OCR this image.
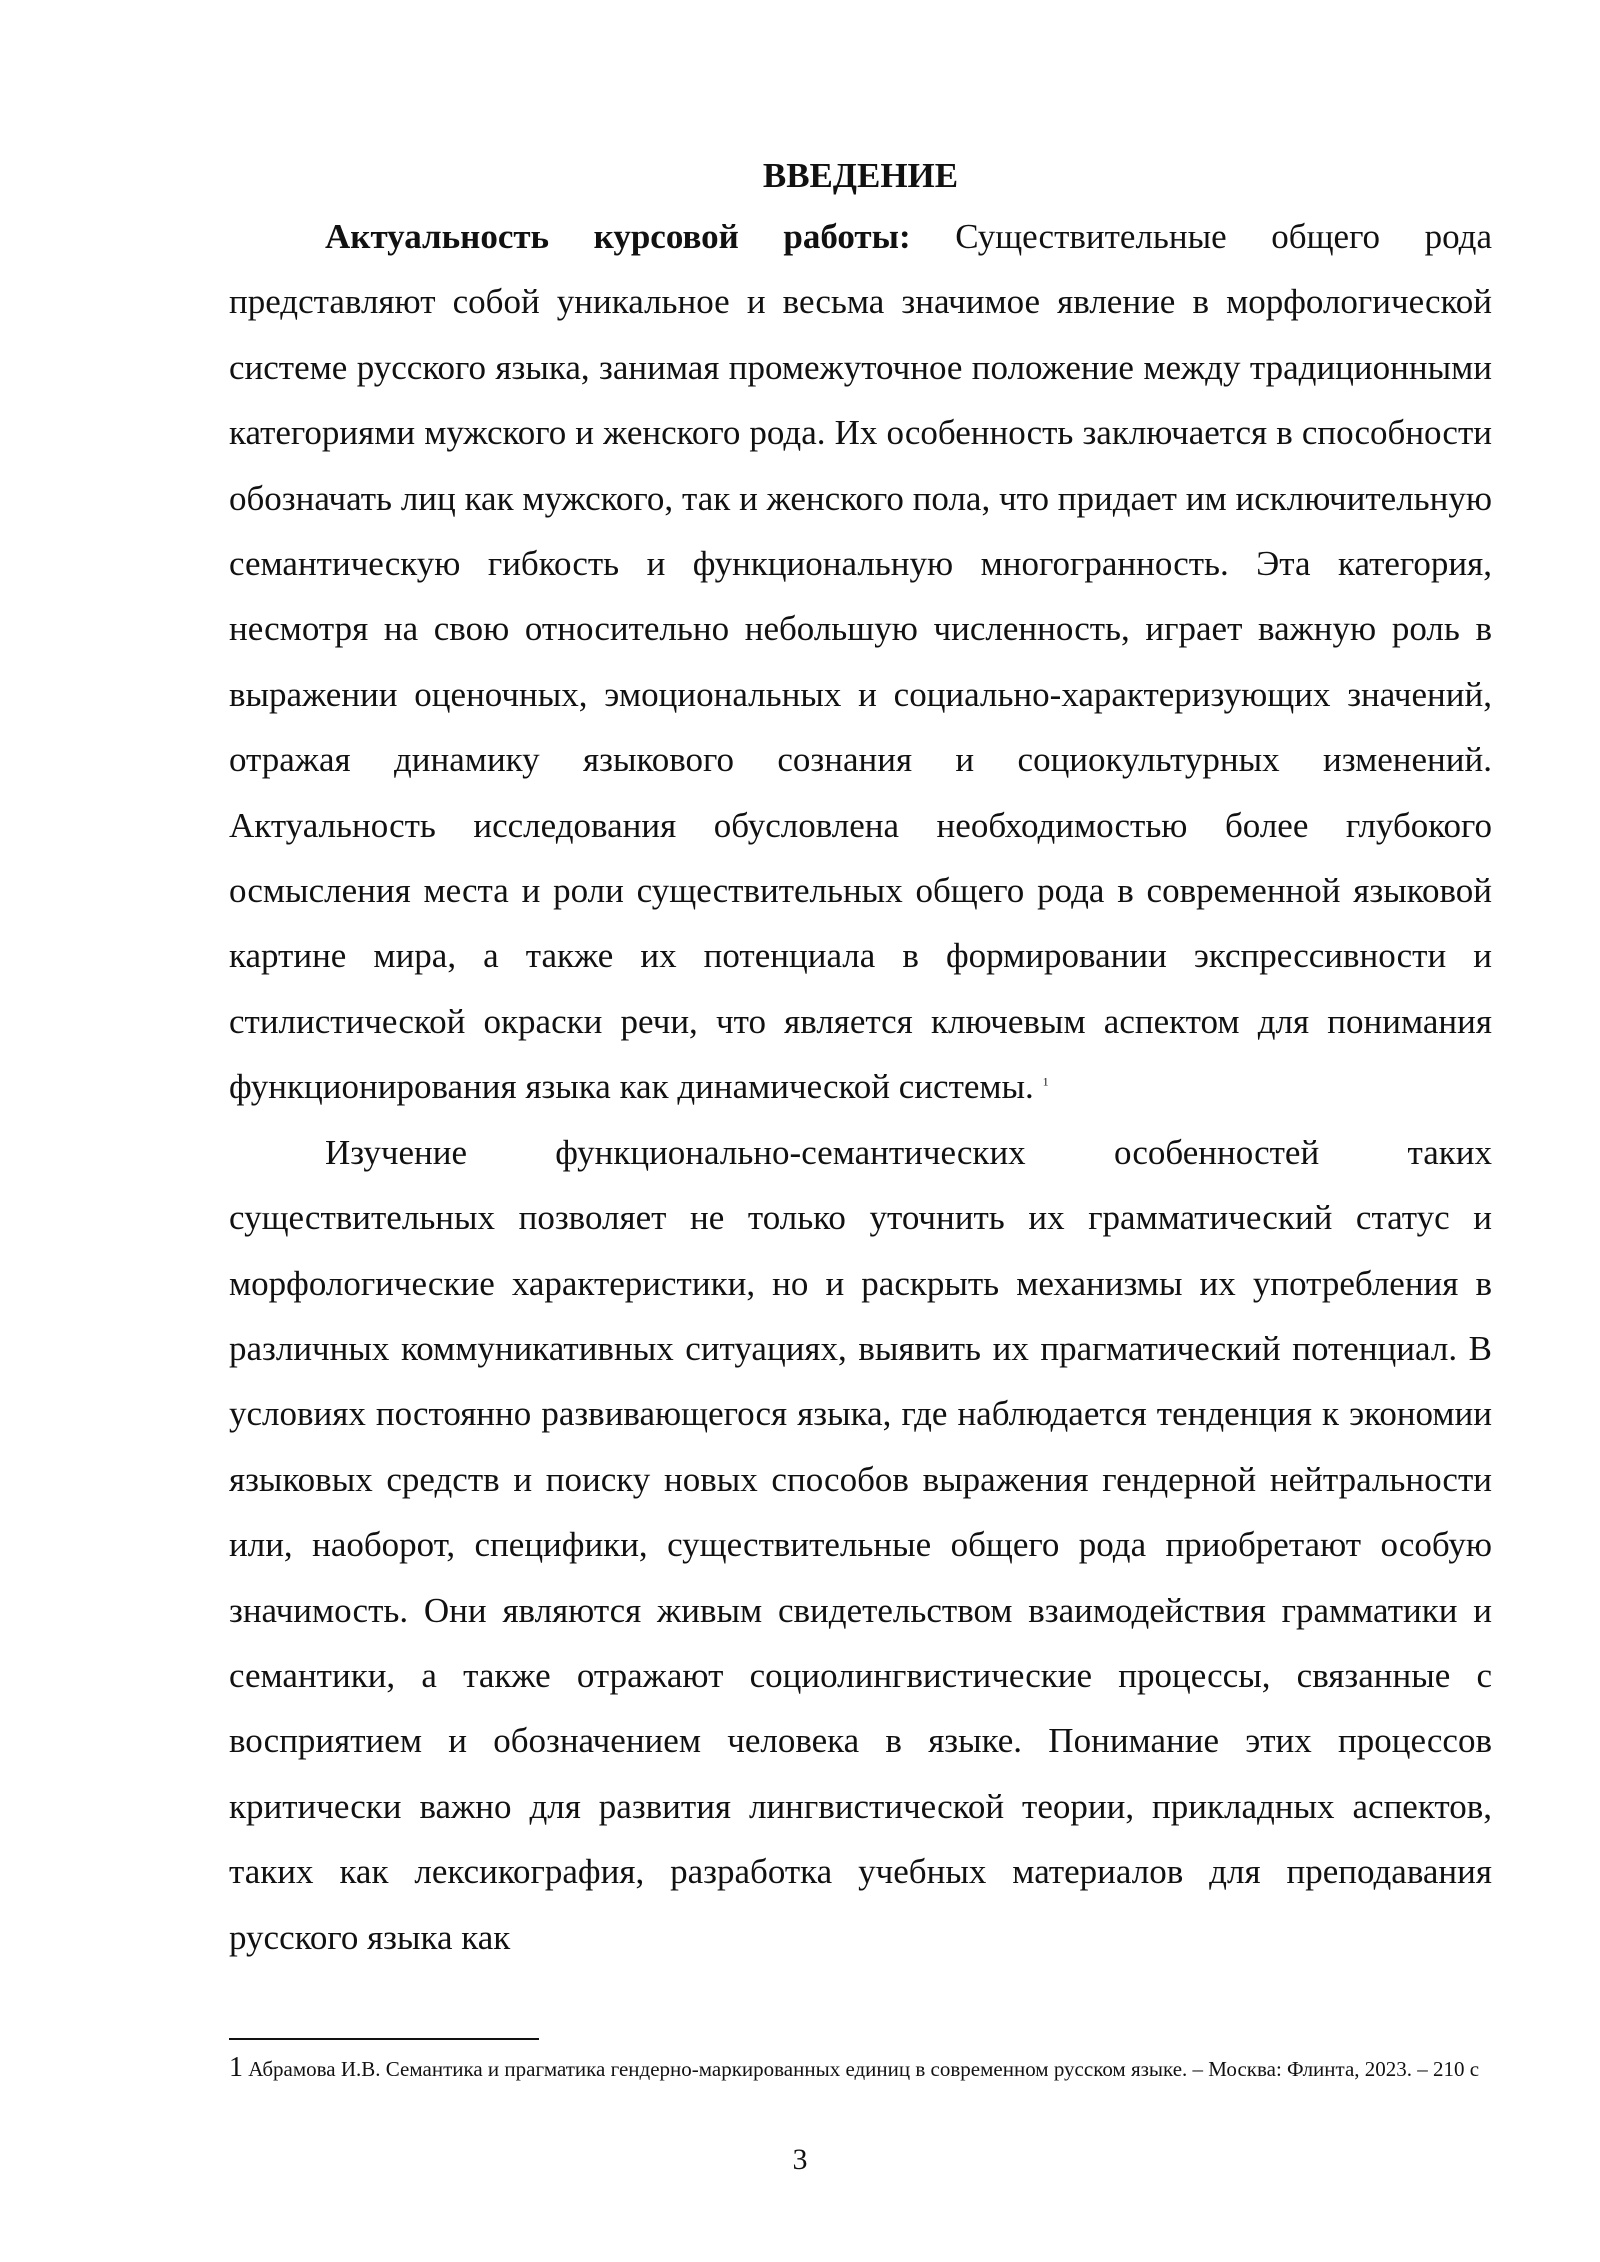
ВВЕДЕНИЕ

Актуальность курсовой работы: Существительные общего рода представляют собой уникальное и весьма значимое явление в морфологической системе русского языка, занимая промежуточное положение между традиционными категориями мужского и женского рода. Их особенность заключается в способности обозначать лиц как мужского, так и женского пола, что придает им исключительную семантическую гибкость и функциональную многогранность. Эта категория, несмотря на свою относительно небольшую численность, играет важную роль в выражении оценочных, эмоциональных и социально-характеризующих значений, отражая динамику языкового сознания и социокультурных изменений. Актуальность исследования обусловлена необходимостью более глубокого осмысления места и роли существительных общего рода в современной языковой картине мира, а также их потенциала в формировании экспрессивности и стилистической окраски речи, что является ключевым аспектом для понимания функционирования языка как динамической системы. $^1$

Изучение функционально-семантических особенностей таких существительных позволяет не только уточнить их грамматический статус и морфологические характеристики, но и раскрыть механизмы их употребления в различных коммуникативных ситуациях, выявить их прагматический потенциал. В условиях постоянно развивающегося языка, где наблюдается тенденция к экономии языковых средств и поиску новых способов выражения гендерной нейтральности или, наоборот, специфики, существительные общего рода приобретают особую значимость. Они являются живым свидетельством взаимодействия грамматики и семантики, а также отражают социолингвистические процессы, связанные с восприятием и обозначением человека в языке. Понимание этих процессов критически важно для развития лингвистической теории, прикладных аспектов, таких как лексикография, разработка учебных материалов для преподавания русского языка как

1 Абрамова И.В. Семантика и прагматика гендерно-маркированных единиц в современном русском языке. – Москва: Флинта, 2023. – 210 с

3
